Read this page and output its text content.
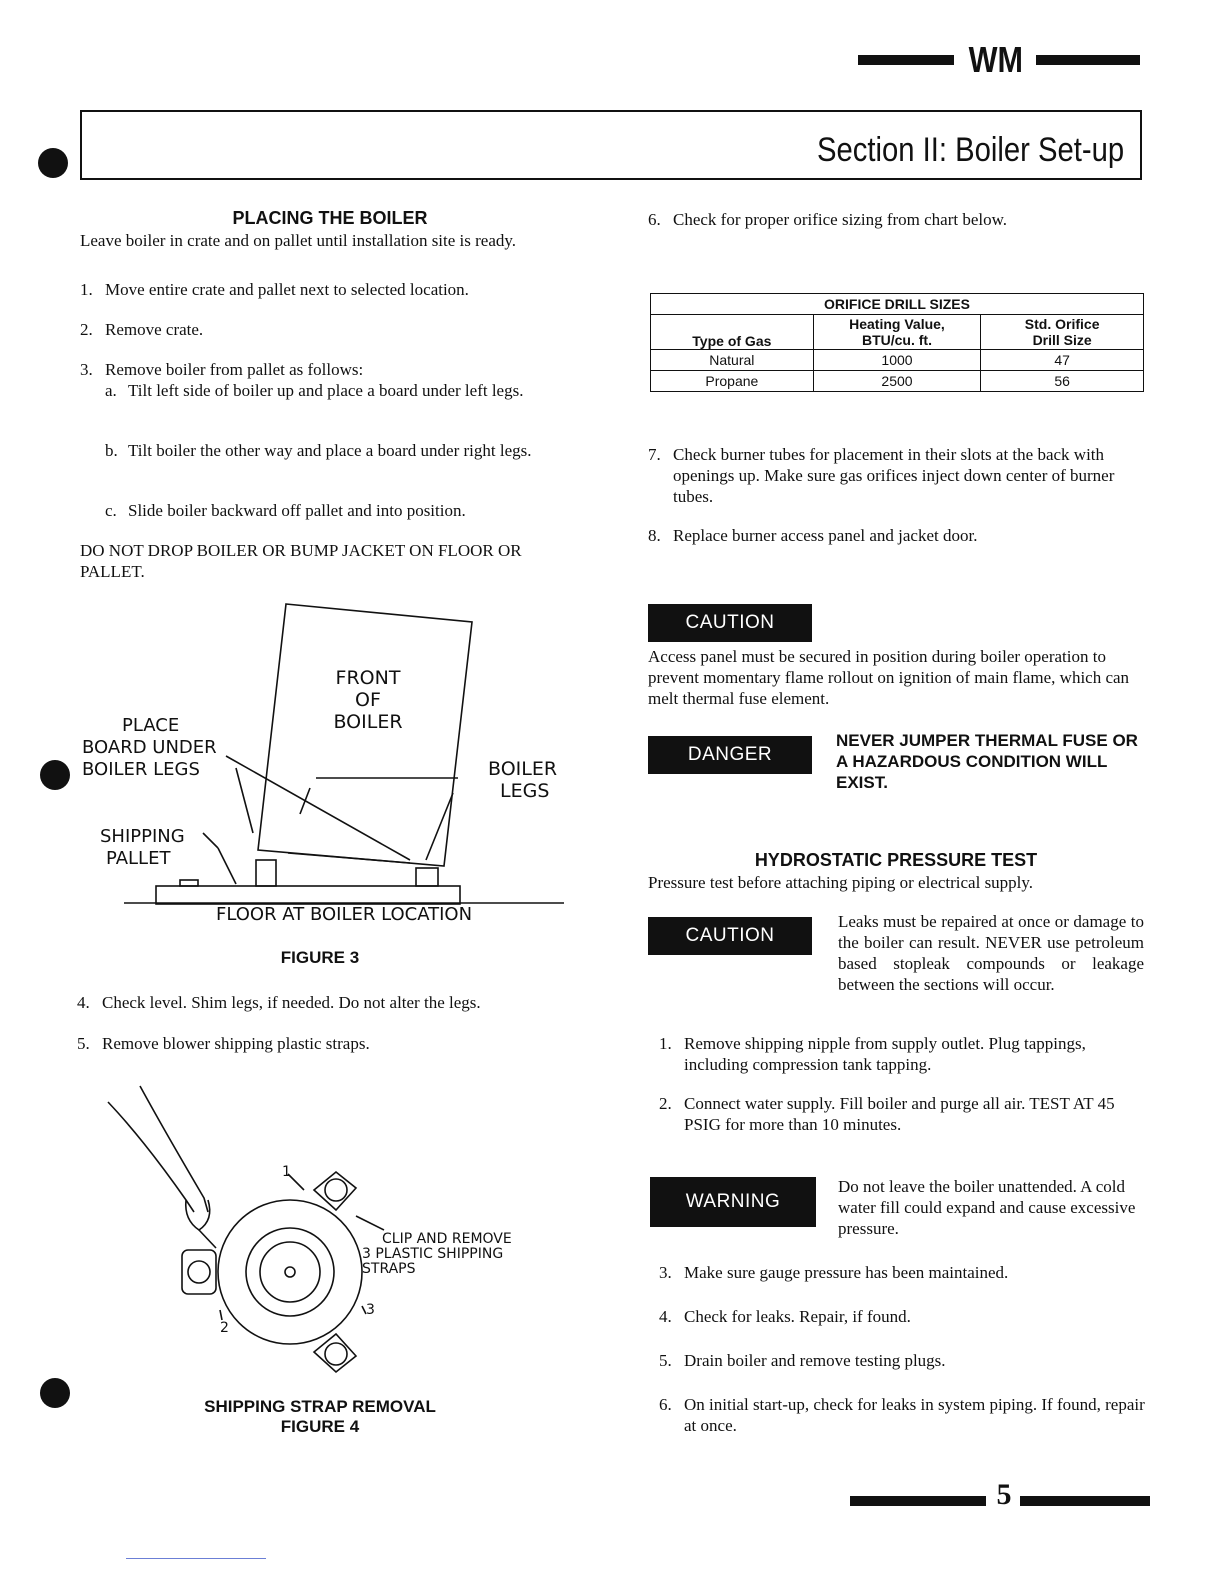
WM
Section II: Boiler Set-up
PLACING THE BOILER
Leave boiler in crate and on pallet until installation site is ready.
1. Move entire crate and pallet next to selected location.
2. Remove crate.
3. Remove boiler from pallet as follows:
a. Tilt left side of boiler up and place a board under left legs.
b. Tilt boiler the other way and place a board under right legs.
c. Slide boiler backward off pallet and into position.
DO NOT DROP BOILER OR BUMP JACKET ON FLOOR OR PALLET.
FRONT
OF
BOILER
PLACE
BOARD UNDER
BOILER LEGS	BOILER
LEGS
SHIPPING
PALLET
FLOOR AT BOILER LOCATION
FIGURE 3
4. Check level. Shim legs, if needed. Do not alter the legs.
5. Remove blower shipping plastic straps.
CLIP AND REMOVE
3 PLASTIC SHIPPING
STRAPS
1
2
3
SHIPPING STRAP REMOVAL
FIGURE 4
6. Check for proper orifice sizing from chart below.
ORIFICE DRILL SIZES		
Type of Gas	Heating Value, BTU/cu. ft.	Std. Orifice Drill Size
Natural	1000	47
Propane	2500	56
7. Check burner tubes for placement in their slots at the back with openings up. Make sure gas orifices inject down center of burner tubes.
8. Replace burner access panel and jacket door.
CAUTION
Access panel must be secured in position during boiler operation to prevent momentary flame rollout on ignition of main flame, which can melt thermal fuse element.
DANGER
NEVER JUMPER THERMAL FUSE OR A HAZARDOUS CONDITION WILL EXIST.
HYDROSTATIC PRESSURE TEST
Pressure test before attaching piping or electrical supply.
CAUTION
Leaks must be repaired at once or damage to the boiler can result. NEVER use petroleum based stopleak compounds or leakage between the sections will occur.
1. Remove shipping nipple from supply outlet. Plug tappings, including compression tank tapping.
2. Connect water supply. Fill boiler and purge all air. TEST AT 45 PSIG for more than 10 minutes.
WARNING
Do not leave the boiler unattended. A cold water fill could expand and cause excessive pressure.
3. Make sure gauge pressure has been maintained.
4. Check for leaks. Repair, if found.
5. Drain boiler and remove testing plugs.
6. On initial start-up, check for leaks in system piping. If found, repair at once.
5
